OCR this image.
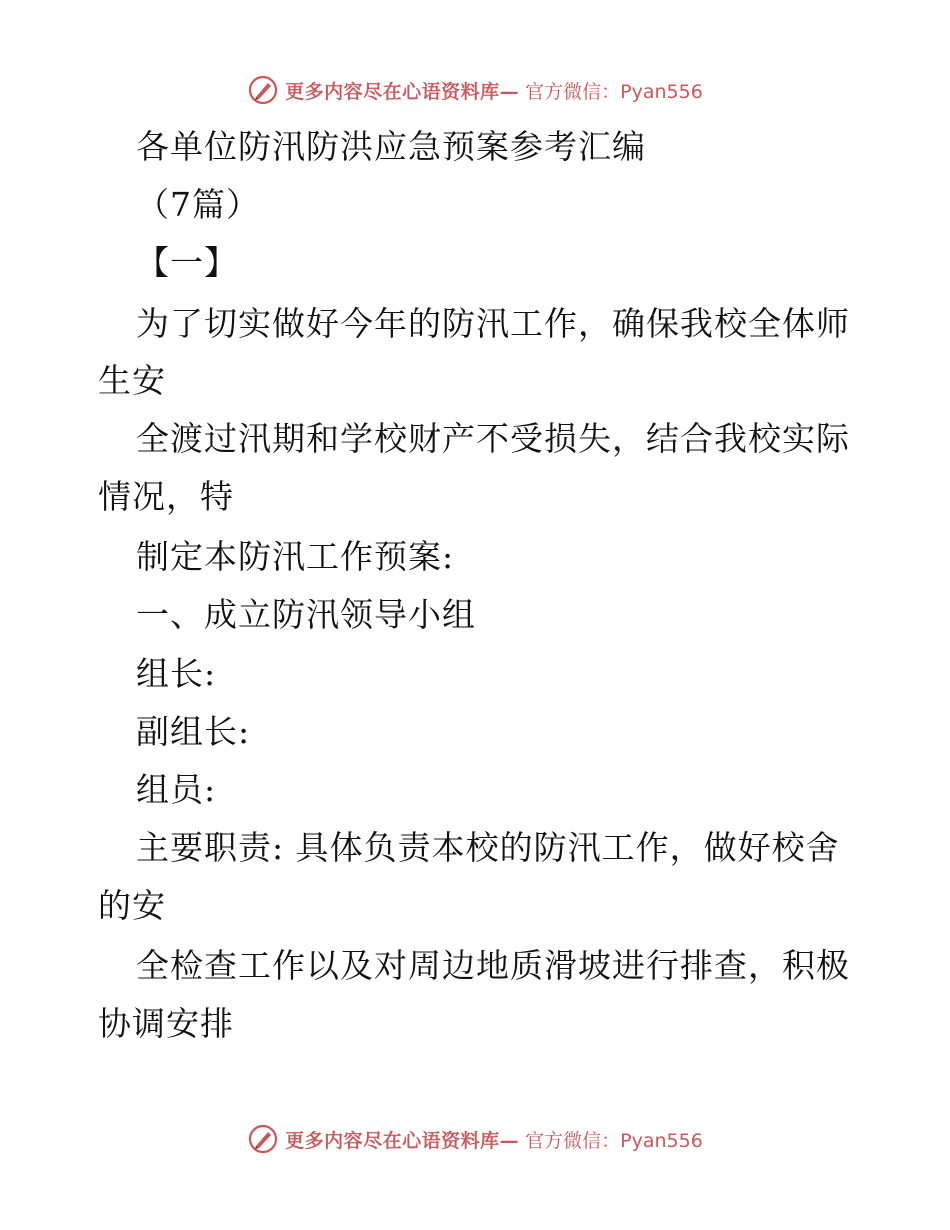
更多内容尽在心语资料库— 官方微信：Pyan556
各单位防汛防洪应急预案参考汇编
（7篇）
【一】
为了切实做好今年的防汛工作，确保我校全体师
生安
全渡过汛期和学校财产不受损失，结合我校实际
情况，特
制定本防汛工作预案:
一、成立防汛领导小组
组长:
副组长:
组员:
主要职责: 具体负责本校的防汛工作，做好校舍
的安
全检查工作以及对周边地质滑坡进行排查，积极
协调安排
更多内容尽在心语资料库— 官方微信：Pyan556
